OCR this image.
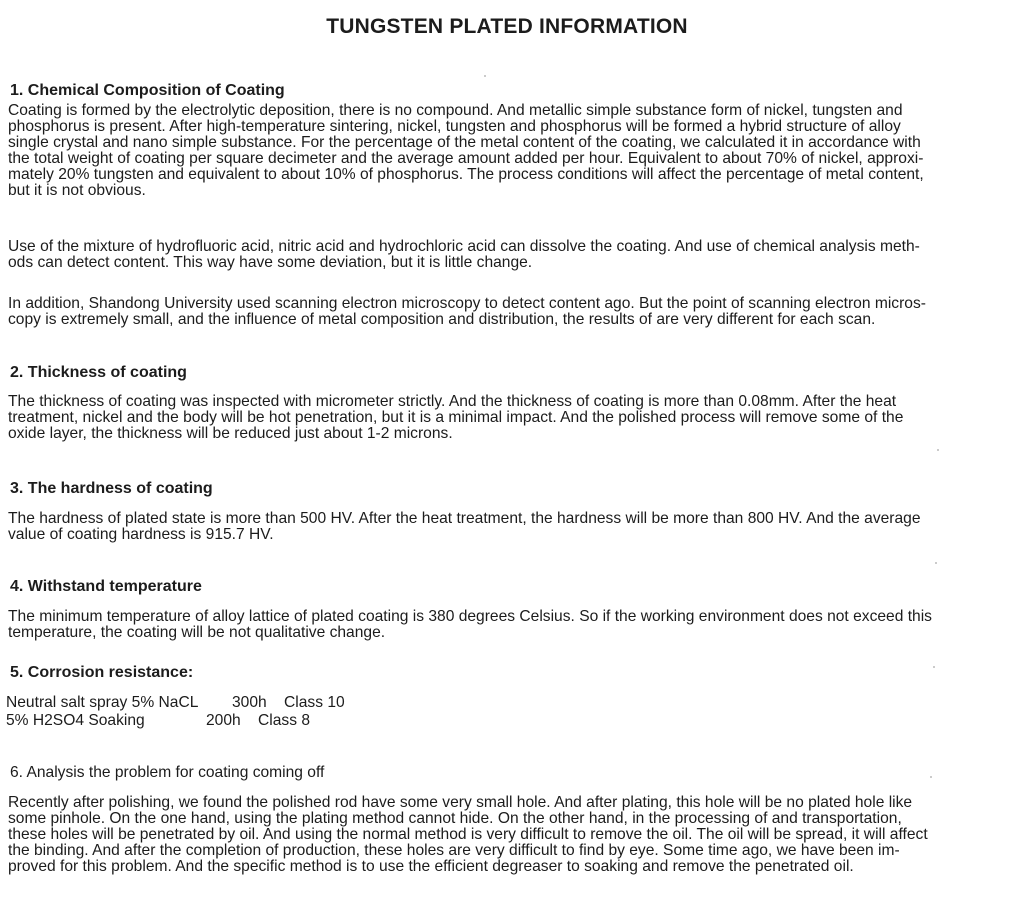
TUNGSTEN PLATED INFORMATION
1. Chemical Composition of Coating
Coating is formed by the electrolytic deposition, there is no compound. And metallic simple substance form of nickel, tungsten and
phosphorus is present. After high-temperature sintering, nickel, tungsten and phosphorus will be formed a hybrid structure of alloy
single crystal and nano simple substance. For the percentage of the metal content of the coating, we calculated it in accordance with
the total weight of coating per square decimeter and the average amount added per hour. Equivalent to about 70% of nickel, approxi-
mately 20% tungsten and equivalent to about 10% of phosphorus. The process conditions will affect the percentage of metal content,
but it is not obvious.
Use of the mixture of hydrofluoric acid, nitric acid and hydrochloric acid can dissolve the coating. And use of chemical analysis meth-
ods can detect content. This way have some deviation, but it is little change.
In addition, Shandong University used scanning electron microscopy to detect content ago. But the point of scanning electron micros-
copy is extremely small, and the influence of metal composition and distribution, the results of are very different for each scan.
2. Thickness of coating
The thickness of coating was inspected with micrometer strictly. And the thickness of coating is more than 0.08mm. After the heat
treatment, nickel and the body will be hot penetration, but it is a minimal impact. And the polished process will remove some of the
oxide layer, the thickness will be reduced just about 1-2 microns.
3. The hardness of coating
The hardness of plated state is more than 500 HV. After the heat treatment, the hardness will be more than 800 HV. And the average
value of coating hardness is 915.7 HV.
4. Withstand temperature
The minimum temperature of alloy lattice of plated coating is 380 degrees Celsius. So if the working environment does not exceed this
temperature, the coating will be not qualitative change.
5. Corrosion resistance:
Neutral salt spray 5% NaCL 300h Class 10
5% H2SO4 Soaking	200h Class 8
6. Analysis the problem for coating coming off
Recently after polishing, we found the polished rod have some very small hole. And after plating, this hole will be no plated hole like
some pinhole. On the one hand, using the plating method cannot hide. On the other hand, in the processing of and transportation,
these holes will be penetrated by oil. And using the normal method is very difficult to remove the oil. The oil will be spread, it will affect
the binding. And after the completion of production, these holes are very difficult to find by eye. Some time ago, we have been im-
proved for this problem. And the specific method is to use the efficient degreaser to soaking and remove the penetrated oil.
